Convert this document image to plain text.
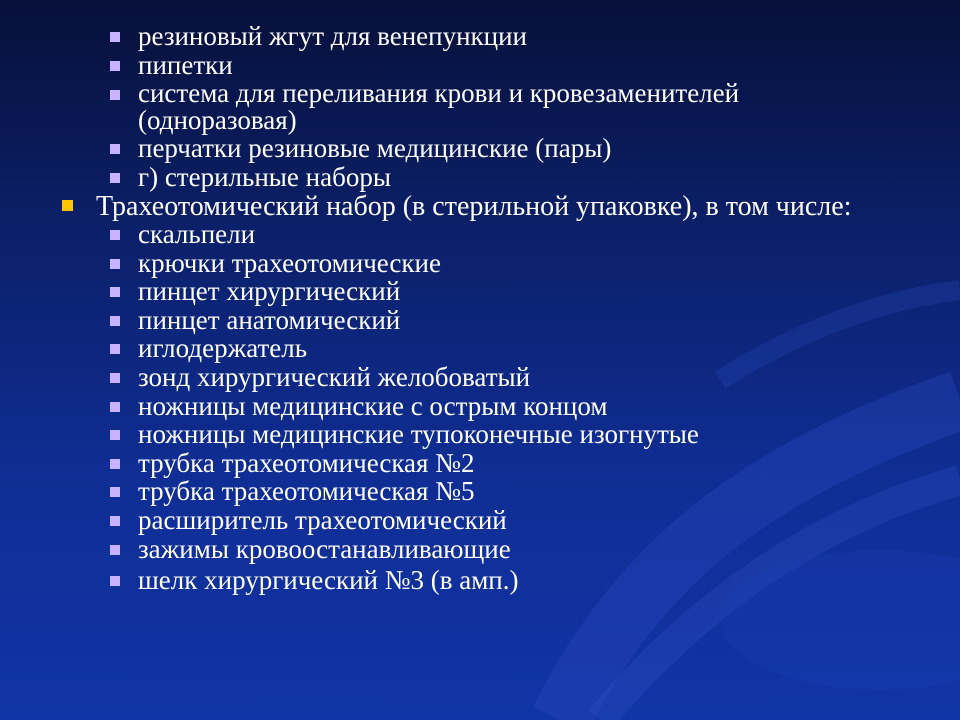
резиновый жгут для венепункции
пипетки
система для переливания крови и кровезаменителей (одноразовая)
перчатки резиновые медицинские (пары)
г) стерильные наборы
Трахеотомический набор (в стерильной упаковке), в том числе:
скальпели
крючки трахеотомические
пинцет хирургический
пинцет анатомический
иглодержатель
зонд хирургический желобоватый
ножницы медицинские с острым концом
ножницы медицинские тупоконечные изогнутые
трубка трахеотомическая №2
трубка трахеотомическая №5
расширитель трахеотомический
зажимы кровоостанавливающие
шелк хирургический №3 (в амп.)
